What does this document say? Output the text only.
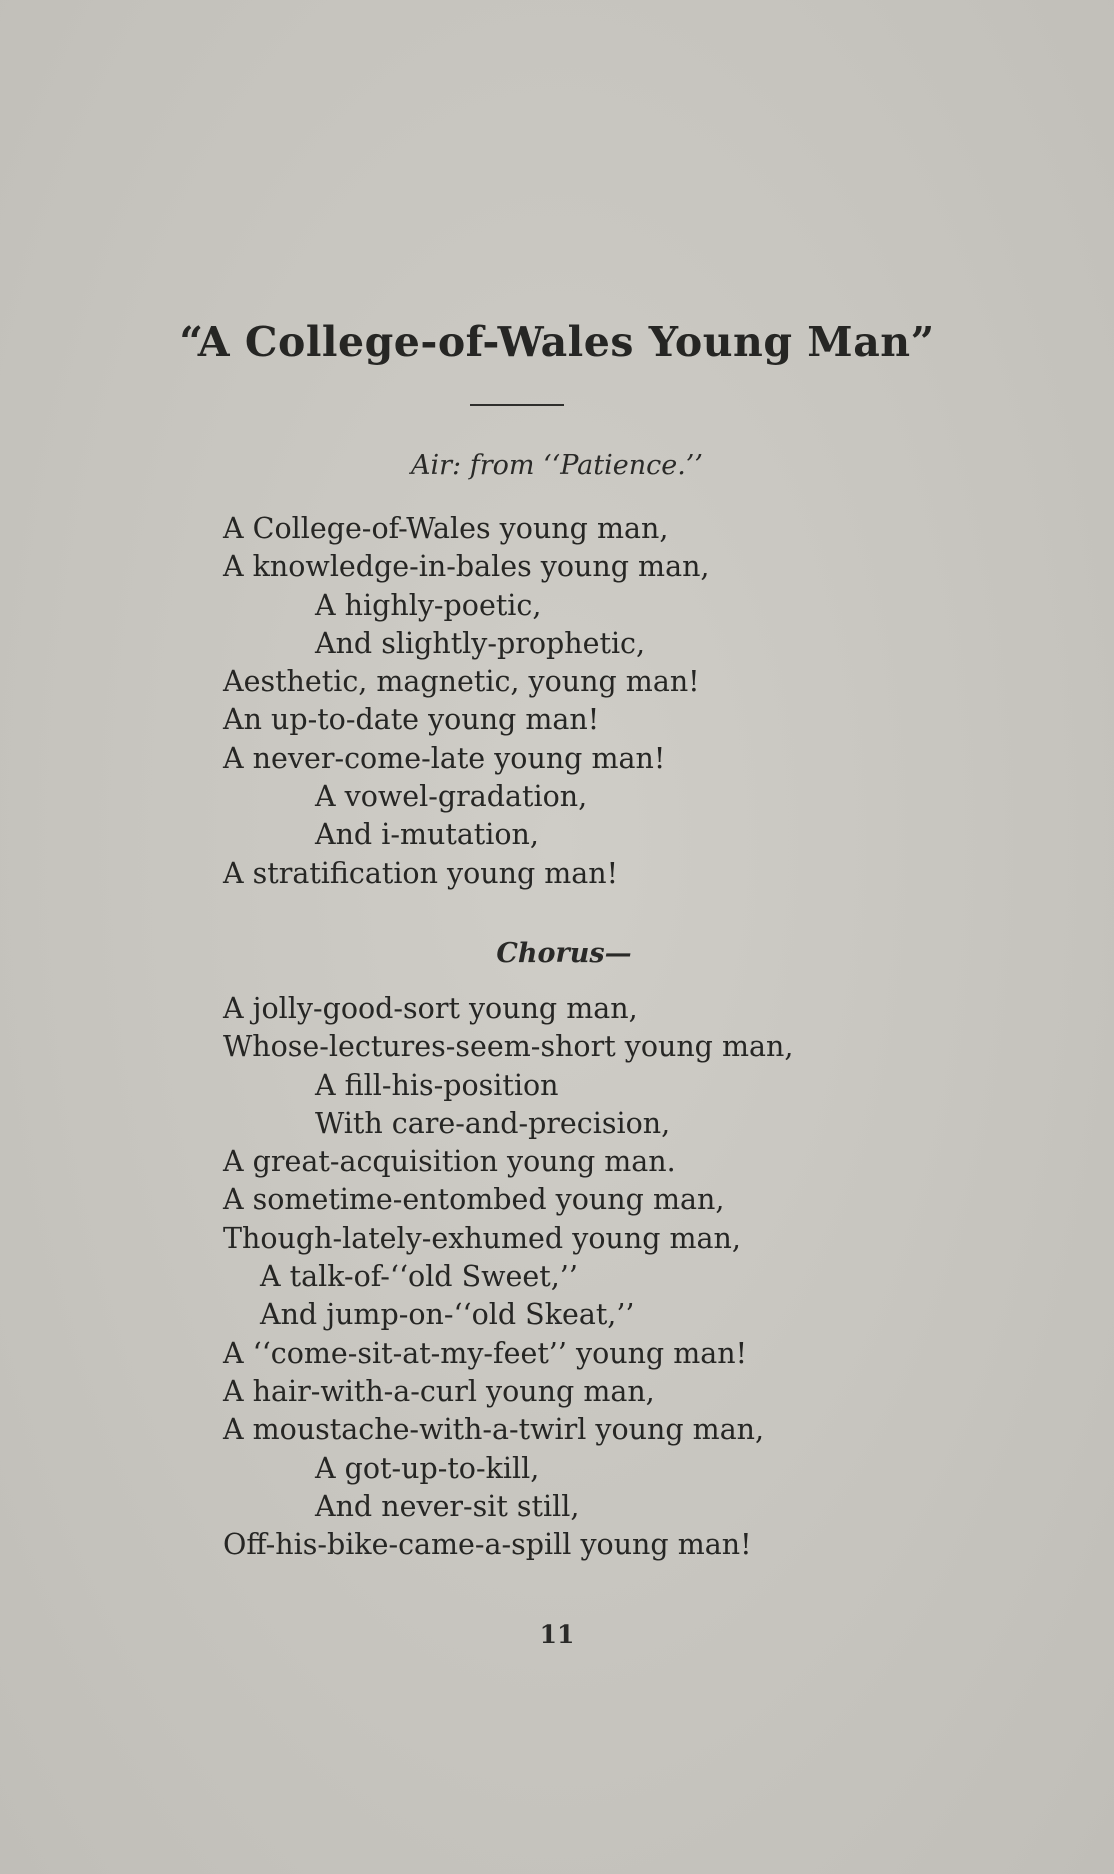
“A College-of-Wales Young Man”
Air: from ‘‘Patience.’’
A College-of-Wales young man,
A knowledge-in-bales young man,
A highly-poetic,
And slightly-prophetic,
Aesthetic, magnetic, young man!
An up-to-date young man!
A never-come-late young man!
A vowel-gradation,
And i-mutation,
A stratification young man!
Chorus—
A jolly-good-sort young man,
Whose-lectures-seem-short young man,
A fill-his-position
With care-and-precision,
A great-acquisition young man.
A sometime-entombed young man,
Though-lately-exhumed young man,
A talk-of-‘‘old Sweet,’’
And jump-on-‘‘old Skeat,’’
A ‘‘come-sit-at-my-feet’’ young man!
A hair-with-a-curl young man,
A moustache-with-a-twirl young man,
A got-up-to-kill,
And never-sit still,
Off-his-bike-came-a-spill young man!
11
